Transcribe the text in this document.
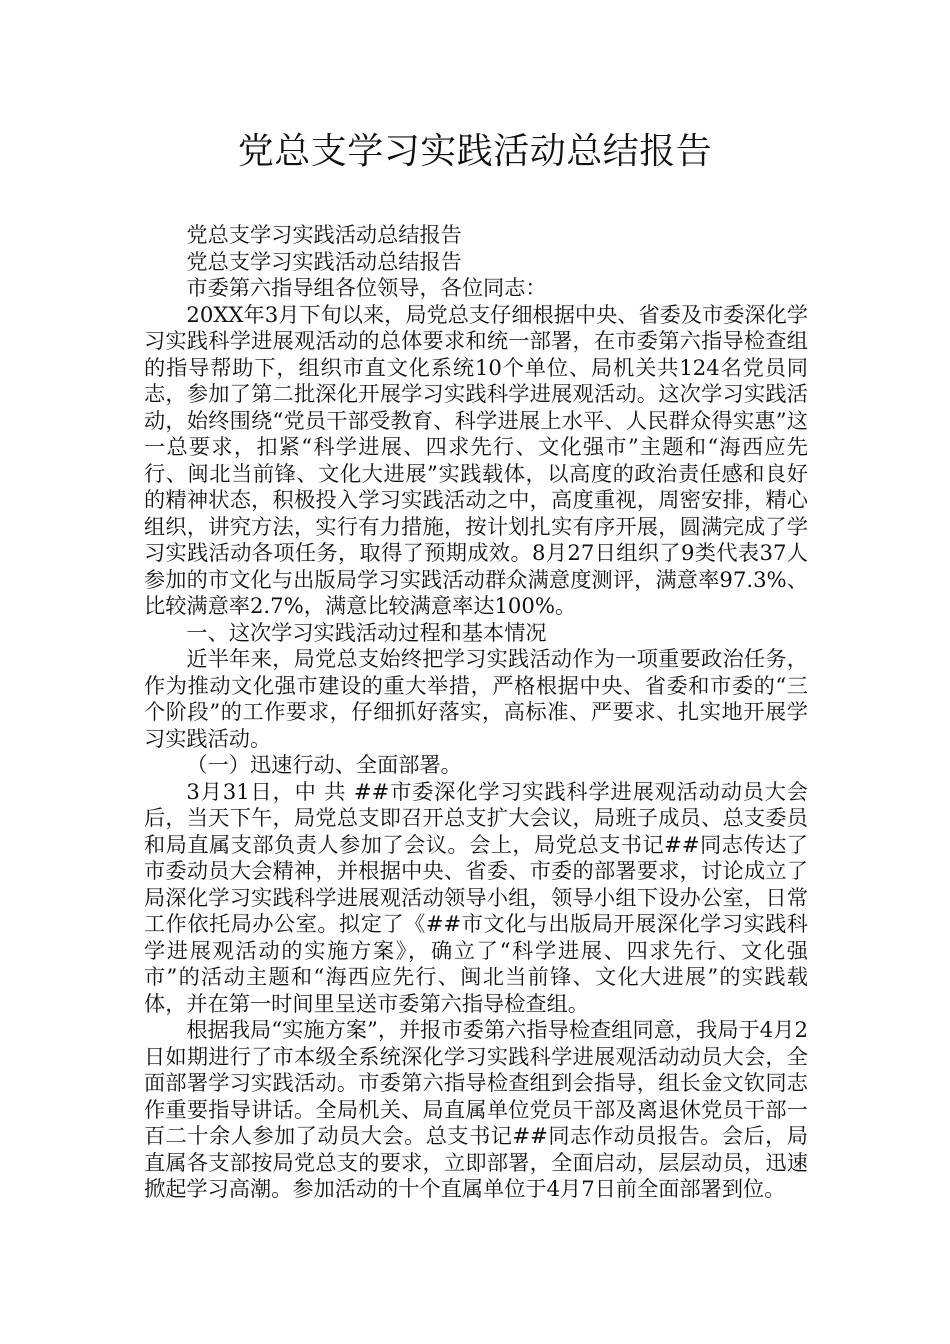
党总支学习实践活动总结报告

党总支学习实践活动总结报告

党总支学习实践活动总结报告

市委第六指导组各位领导，各位同志：

20XX年3月下旬以来，局党总支仔细根据中央、省委及市委深化学习实践科学进展观活动的总体要求和统一部署，在市委第六指导检查组的指导帮助下，组织市直文化系统10个单位、局机关共124名党员同志，参加了第二批深化开展学习实践科学进展观活动。这次学习实践活动，始终围绕“党员干部受教育、科学进展上水平、人民群众得实惠”这一总要求，扣紧“科学进展、四求先行、文化强市”主题和“海西应先行、闽北当前锋、文化大进展”实践载体，以高度的政治责任感和良好的精神状态，积极投入学习实践活动之中，高度重视，周密安排，精心组织，讲究方法，实行有力措施，按计划扎实有序开展，圆满完成了学习实践活动各项任务，取得了预期成效。8月27日组织了9类代表37人参加的市文化与出版局学习实践活动群众满意度测评，满意率97.3%、比较满意率2.7%，满意比较满意率达100%。

一、这次学习实践活动过程和基本情况

近半年来，局党总支始终把学习实践活动作为一项重要政治任务，作为推动文化强市建设的重大举措，严格根据中央、省委和市委的“三个阶段”的工作要求，仔细抓好落实，高标准、严要求、扎实地开展学习实践活动。

（一）迅速行动、全面部署。

3月31日，中 共 ##市委深化学习实践科学进展观活动动员大会后，当天下午，局党总支即召开总支扩大会议，局班子成员、总支委员和局直属支部负责人参加了会议。会上，局党总支书记##同志传达了市委动员大会精神，并根据中央、省委、市委的部署要求，讨论成立了局深化学习实践科学进展观活动领导小组，领导小组下设办公室，日常工作依托局办公室。拟定了《##市文化与出版局开展深化学习实践科学进展观活动的实施方案》，确立了“科学进展、四求先行、文化强市”的活动主题和“海西应先行、闽北当前锋、文化大进展”的实践载体，并在第一时间里呈送市委第六指导检查组。

根据我局“实施方案”，并报市委第六指导检查组同意，我局于4月2日如期进行了市本级全系统深化学习实践科学进展观活动动员大会，全面部署学习实践活动。市委第六指导检查组到会指导，组长金文钦同志作重要指导讲话。全局机关、局直属单位党员干部及离退休党员干部一百二十余人参加了动员大会。总支书记##同志作动员报告。会后，局直属各支部按局党总支的要求，立即部署，全面启动，层层动员，迅速掀起学习高潮。参加活动的十个直属单位于4月7日前全面部署到位。
